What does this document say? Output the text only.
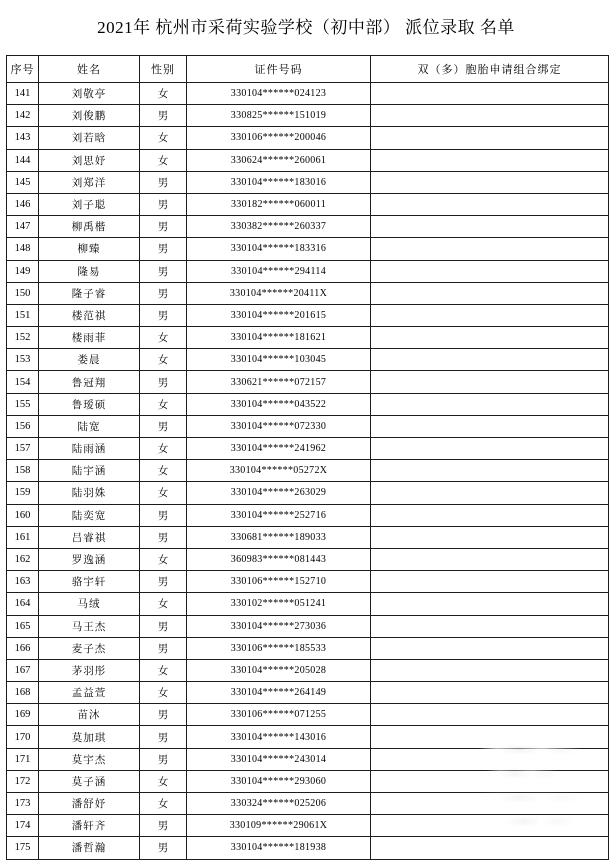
2021年 杭州市采荷实验学校（初中部） 派位录取 名单
序号	姓名	性别	证件号码	双（多）胞胎申请组合绑定
141	刘敬亭	女	330104******024123	
142	刘俊鹏	男	330825******151019	
143	刘若晗	女	330106******200046	
144	刘思妤	女	330624******260061	
145	刘郑洋	男	330104******183016	
146	刘子聪	男	330182******060011	
147	柳禹楷	男	330382******260337	
148	柳臻	男	330104******183316	
149	隆易	男	330104******294114	
150	隆子睿	男	330104******20411X	
151	楼范祺	男	330104******201615	
152	楼雨菲	女	330104******181621	
153	娄晨	女	330104******103045	
154	鲁冠翔	男	330621******072157	
155	鲁瑷硕	女	330104******043522	
156	陆宽	男	330104******072330	
157	陆雨涵	女	330104******241962	
158	陆宇涵	女	330104******05272X	
159	陆羽姝	女	330104******263029	
160	陆奕宽	男	330104******252716	
161	吕睿祺	男	330681******189033	
162	罗逸涵	女	360983******081443	
163	骆宇轩	男	330106******152710	
164	马绒	女	330102******051241	
165	马王杰	男	330104******273036	
166	麦子杰	男	330106******185533	
167	茅羽彤	女	330104******205028	
168	孟益萱	女	330104******264149	
169	苗沐	男	330106******071255	
170	莫加琪	男	330104******143016	
171	莫宇杰	男	330104******243014	
172	莫子涵	女	330104******293060	
173	潘舒妤	女	330324******025206	
174	潘轩齐	男	330109******29061X	
175	潘哲瀚	男	330104******181938	
